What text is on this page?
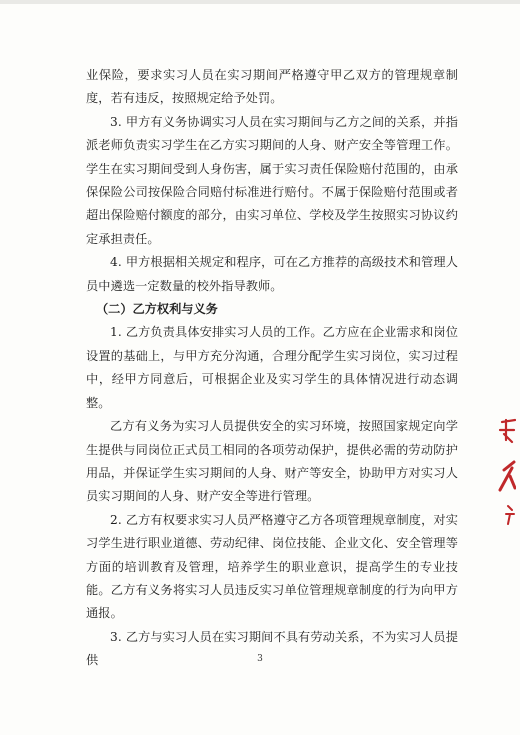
业保险，要求实习人员在实习期间严格遵守甲乙双方的管理规章制度，若有违反，按照规定给予处罚。

3. 甲方有义务协调实习人员在实习期间与乙方之间的关系，并指派老师负责实习学生在乙方实习期间的人身、财产安全等管理工作。学生在实习期间受到人身伤害，属于实习责任保险赔付范围的，由承保保险公司按保险合同赔付标准进行赔付。不属于保险赔付范围或者超出保险赔付额度的部分，由实习单位、学校及学生按照实习协议约定承担责任。

4. 甲方根据相关规定和程序，可在乙方推荐的高级技术和管理人员中遴选一定数量的校外指导教师。

（二）乙方权利与义务

1. 乙方负责具体安排实习人员的工作。乙方应在企业需求和岗位设置的基础上，与甲方充分沟通，合理分配学生实习岗位，实习过程中，经甲方同意后，可根据企业及实习学生的具体情况进行动态调整。

乙方有义务为实习人员提供安全的实习环境，按照国家规定向学生提供与同岗位正式员工相同的各项劳动保护，提供必需的劳动防护用品，并保证学生实习期间的人身、财产等安全，协助甲方对实习人员实习期间的人身、财产安全等进行管理。

2. 乙方有权要求实习人员严格遵守乙方各项管理规章制度，对实习学生进行职业道德、劳动纪律、岗位技能、企业文化、安全管理等方面的培训教育及管理，培养学生的职业意识，提高学生的专业技能。乙方有义务将实习人员违反实习单位管理规章制度的行为向甲方通报。

3. 乙方与实习人员在实习期间不具有劳动关系，不为实习人员提供	3
